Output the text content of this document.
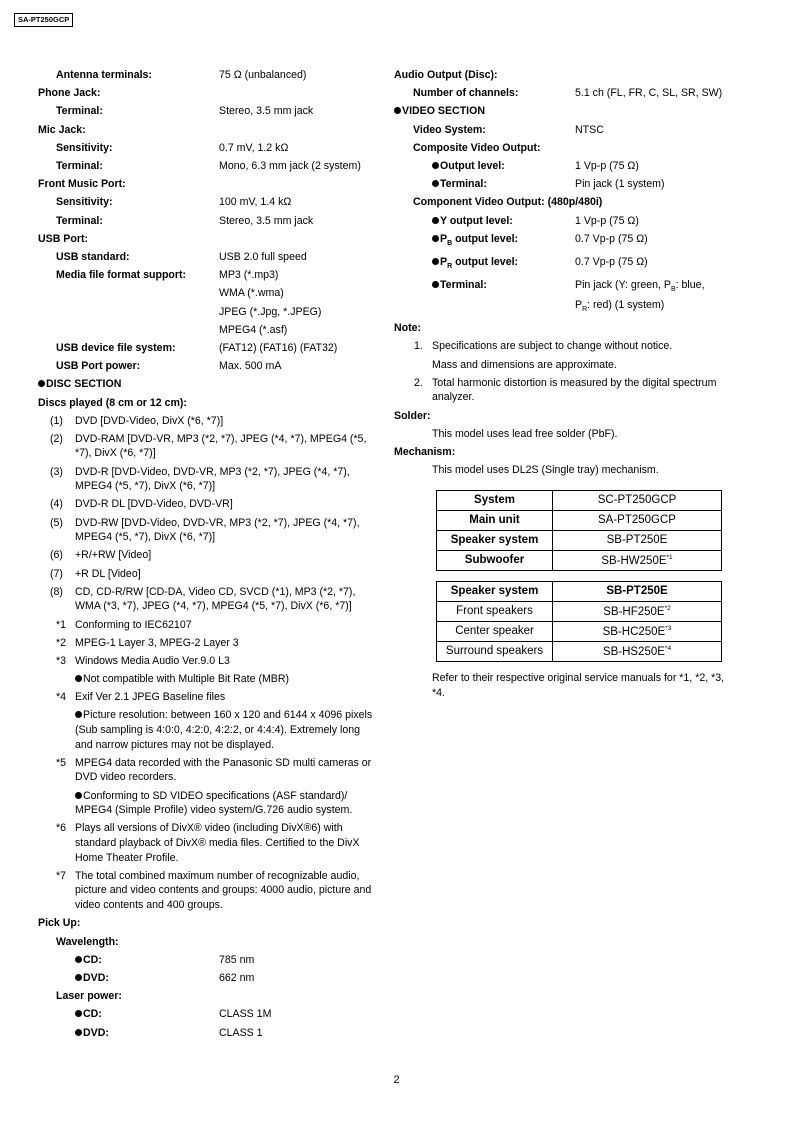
SA-PT250GCP
Antenna terminals:	75 Ω (unbalanced)
Phone Jack:
Terminal:	Stereo, 3.5 mm jack
Mic Jack:
Sensitivity:	0.7 mV, 1.2 kΩ
Terminal:	Mono, 6.3 mm jack (2 system)
Front Music Port:
Sensitivity:	100 mV, 1.4 kΩ
Terminal:	Stereo, 3.5 mm jack
USB Port:
USB standard:	USB 2.0 full speed
Media file format support:	MP3 (*.mp3)
WMA (*.wma)
JPEG (*.Jpg, *.JPEG)
MPEG4 (*.asf)
USB device file system:	(FAT12) (FAT16) (FAT32)
USB Port power:	Max. 500 mA
DISC SECTION
Discs played (8 cm or 12 cm):
(1)	DVD [DVD-Video, DivX (*6, *7)]
(2)	DVD-RAM [DVD-VR, MP3 (*2, *7), JPEG (*4, *7), MPEG4 (*5, *7), DivX (*6, *7)]
(3)	DVD-R [DVD-Video, DVD-VR, MP3 (*2, *7), JPEG (*4, *7), MPEG4 (*5, *7), DivX (*6, *7)]
(4)	DVD-R DL [DVD-Video, DVD-VR]
(5)	DVD-RW [DVD-Video, DVD-VR, MP3 (*2, *7), JPEG (*4, *7), MPEG4 (*5, *7), DivX (*6, *7)]
(6)	+R/+RW [Video]
(7)	+R DL [Video]
(8)	CD, CD-R/RW [CD-DA, Video CD, SVCD (*1), MP3 (*2, *7), WMA (*3, *7), JPEG (*4, *7), MPEG4 (*5, *7), DivX (*6, *7)]
*1 Conforming to IEC62107
*2 MPEG-1 Layer 3, MPEG-2 Layer 3
*3 Windows Media Audio Ver.9.0 L3
Not compatible with Multiple Bit Rate (MBR)
*4 Exif Ver 2.1 JPEG Baseline files
Picture resolution: between 160 x 120 and 6144 x 4096 pixels (Sub sampling is 4:0:0, 4:2:0, 4:2:2, or 4:4:4). Extremely long and narrow pictures may not be displayed.
*5 MPEG4 data recorded with the Panasonic SD multi cameras or DVD video recorders.
Conforming to SD VIDEO specifications (ASF standard)/ MPEG4 (Simple Profile) video system/G.726 audio system.
*6 Plays all versions of DivX® video (including DivX®6) with standard playback of DivX® media files. Certified to the DivX Home Theater Profile.
*7 The total combined maximum number of recognizable audio, picture and video contents and groups: 4000 audio, picture and video contents and 400 groups.
Pick Up:
Wavelength:
CD:	785 nm
DVD:	662 nm
Laser power:
CD:	CLASS 1M
DVD:	CLASS 1
Audio Output (Disc):
Number of channels:	5.1 ch (FL, FR, C, SL, SR, SW)
VIDEO SECTION
Video System:	NTSC
Composite Video Output:
Output level:	1 Vp-p (75 Ω)
Terminal:	Pin jack (1 system)
Component Video Output: (480p/480i)
Y output level:	1 Vp-p (75 Ω)
$P_B$ output level:	0.7 Vp-p (75 Ω)
$P_R$ output level:	0.7 Vp-p (75 Ω)
Terminal:	Pin jack (Y: green, $P_B$: blue,
$P_R$: red) (1 system)
Note:
1. Specifications are subject to change without notice.
Mass and dimensions are approximate.
2. Total harmonic distortion is measured by the digital spectrum analyzer.
Solder:
This model uses lead free solder (PbF).
Mechanism:
This model uses DL2S (Single tray) mechanism.
System	SC-PT250GCP
Main unit	SA-PT250GCP
Speaker system	SB-PT250E
Subwoofer	$SB-HW250E^{*1}$
Speaker system	SB-PT250E
Front speakers	$SB-HF250E^{*2}$
Center speaker	$SB-HC250E^{*3}$
Surround speakers	$SB-HS250E^{*4}$
Refer to their respective original service manuals for *1, *2, *3, *4.
2
